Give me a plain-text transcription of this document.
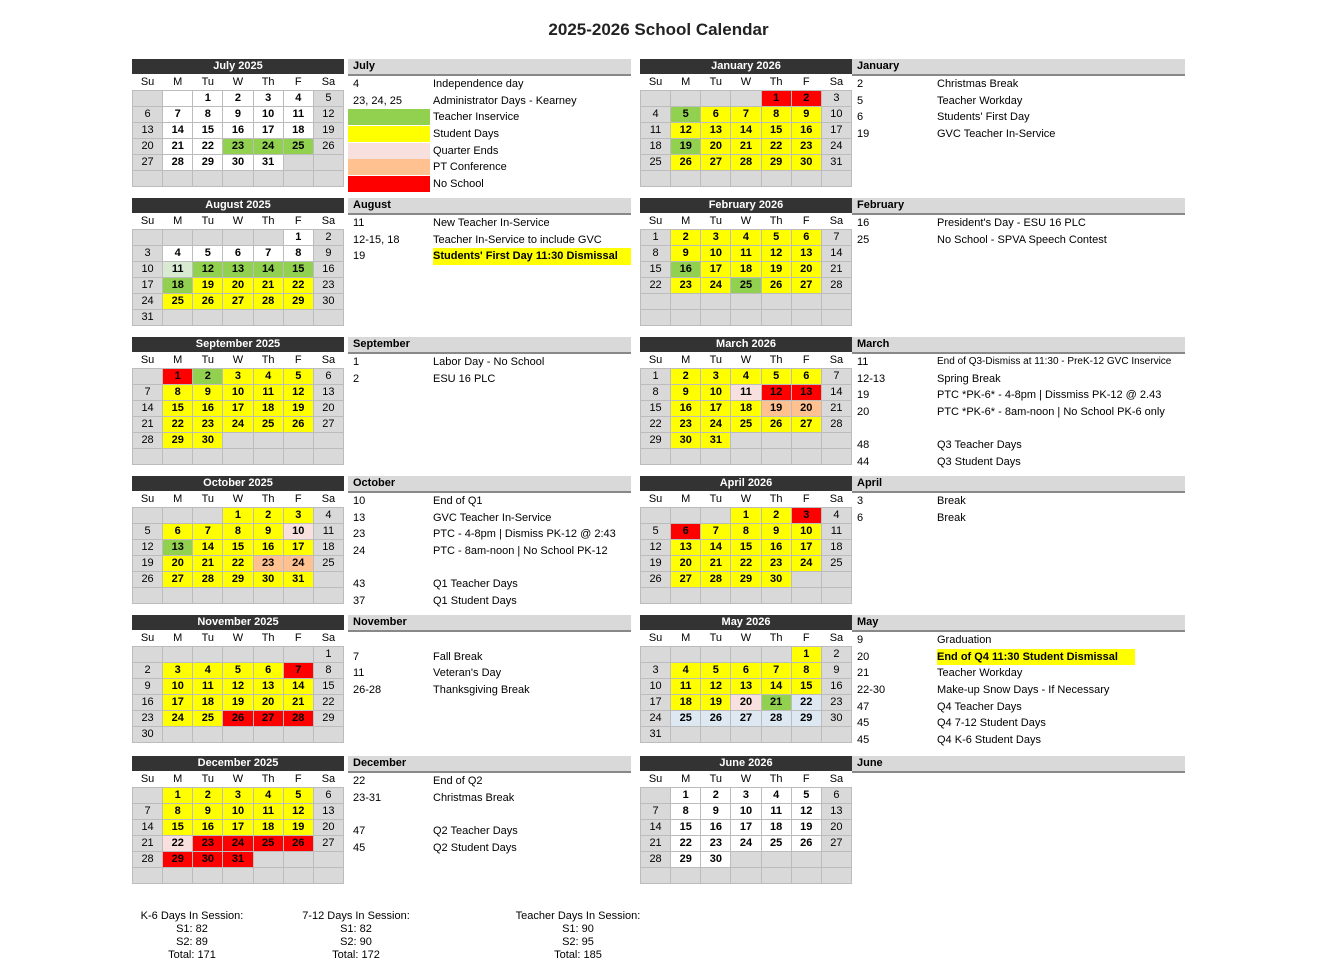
2025-2026 School Calendar
July 2025
Su	M	Tu	W	Th	F	Sa
		1	2	3	4	5
6	7	8	9	10	11	12
13	14	15	16	17	18	19
20	21	22	23	24	25	26
27	28	29	30	31		

July
4	Independence day
23, 24, 25	Administrator Days - Kearney
Teacher Inservice
Student Days
Quarter Ends
PT Conference
No School
January 2026
Su	M	Tu	W	Th	F	Sa
				1	2	3
4	5	6	7	8	9	10
11	12	13	14	15	16	17
18	19	20	21	22	23	24
25	26	27	28	29	30	31

January
2	Christmas Break
5	Teacher Workday
6	Students' First Day
19	GVC Teacher In-Service
August 2025
Su	M	Tu	W	Th	F	Sa
					1	2
3	4	5	6	7	8	9
10	11	12	13	14	15	16
17	18	19	20	21	22	23
24	25	26	27	28	29	30
31						
August
11	New Teacher In-Service
12-15, 18	Teacher In-Service to include GVC
19	Students' First Day 11:30 Dismissal
February 2026
Su	M	Tu	W	Th	F	Sa
1	2	3	4	5	6	7
8	9	10	11	12	13	14
15	16	17	18	19	20	21
22	23	24	25	26	27	28

February
16	President's Day - ESU 16 PLC
25	No School - SPVA Speech Contest
September 2025
Su	M	Tu	W	Th	F	Sa
	1	2	3	4	5	6
7	8	9	10	11	12	13
14	15	16	17	18	19	20
21	22	23	24	25	26	27
28	29	30				

September
1	Labor Day - No School
2	ESU 16 PLC
March 2026
Su	M	Tu	W	Th	F	Sa
1	2	3	4	5	6	7
8	9	10	11	12	13	14
15	16	17	18	19	20	21
22	23	24	25	26	27	28
29	30	31				

March
11	End of Q3-Dismiss at 11:30 - PreK-12 GVC Inservice
12-13	Spring Break
19	PTC *PK-6* - 4-8pm | Dissmiss PK-12 @ 2.43
20	PTC *PK-6* - 8am-noon | No School PK-6 only
48	Q3 Teacher Days
44	Q3 Student Days
October 2025
Su	M	Tu	W	Th	F	Sa
			1	2	3	4
5	6	7	8	9	10	11
12	13	14	15	16	17	18
19	20	21	22	23	24	25
26	27	28	29	30	31	

October
10	End of Q1
13	GVC Teacher In-Service
23	PTC - 4-8pm | Dismiss PK-12 @ 2:43
24	PTC - 8am-noon | No School PK-12
43	Q1 Teacher Days
37	Q1 Student Days
April 2026
Su	M	Tu	W	Th	F	Sa
			1	2	3	4
5	6	7	8	9	10	11
12	13	14	15	16	17	18
19	20	21	22	23	24	25
26	27	28	29	30		

April
3	Break
6	Break
November 2025
Su	M	Tu	W	Th	F	Sa
						1
2	3	4	5	6	7	8
9	10	11	12	13	14	15
16	17	18	19	20	21	22
23	24	25	26	27	28	29
30						
November
7	Fall Break
11	Veteran's Day
26-28	Thanksgiving Break
May 2026
Su	M	Tu	W	Th	F	Sa
					1	2
3	4	5	6	7	8	9
10	11	12	13	14	15	16
17	18	19	20	21	22	23
24	25	26	27	28	29	30
31						
May
9	Graduation
20	End of Q4 11:30 Student Dismissal
21	Teacher Workday
22-30	Make-up Snow Days - If Necessary
47	Q4 Teacher Days
45	Q4 7-12 Student Days
45	Q4 K-6 Student Days
December 2025
Su	M	Tu	W	Th	F	Sa
	1	2	3	4	5	6
7	8	9	10	11	12	13
14	15	16	17	18	19	20
21	22	23	24	25	26	27
28	29	30	31			

December
22	End of Q2
23-31	Christmas Break
47	Q2 Teacher Days
45	Q2 Student Days
June 2026
Su	M	Tu	W	Th	F	Sa
	1	2	3	4	5	6
7	8	9	10	11	12	13
14	15	16	17	18	19	20
21	22	23	24	25	26	27
28	29	30				

June
K-6 Days In Session:
S1: 82
S2: 89
Total: 171
7-12 Days In Session:
S1: 82
S2: 90
Total: 172
Teacher Days In Session:
S1: 90
S2: 95
Total: 185
